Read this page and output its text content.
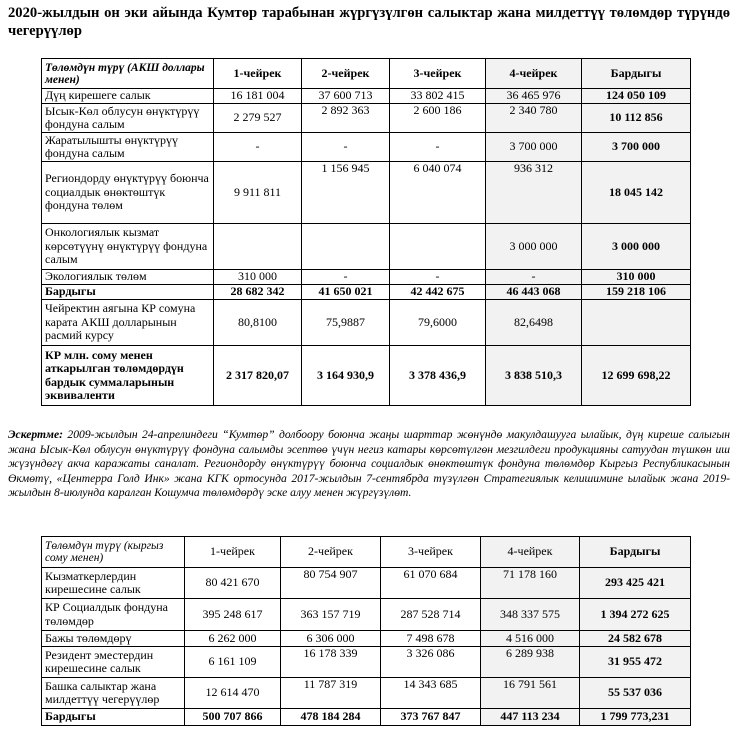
2020-жылдын он эки айында Кумтөр тарабынан жүргүзүлгөн салыктар жана милдеттүү төлөмдөр түрүндө чегерүүлөр
Төлөмдүн түрү (АКШ доллары менен)	1-чейрек	2-чейрек	3-чейрек	4-чейрек	Бардыгы
Дүң кирешеге салык	16 181 004	37 600 713	33 802 415	36 465 976	124 050 109
Ысык-Көл облусун өнүктүрүү фондуна салым	2 279 527	2 892 363	2 600 186	2 340 780	10 112 856
Жаратылышты өнүктүрүү фондуна салым	-	-	-	3 700 000	3 700 000
Региондорду өнүктүрүү боюнча социалдык өнөктөштүк фондуна төлөм	9 911 811	1 156 945	6 040 074	936 312	18 045 142
Онкологиялык кызмат көрсөтүүнү өнүктүрүү фондуна салым				3 000 000	3 000 000
Экологиялык төлөм	310 000	-	-	-	310 000
Бардыгы	28 682 342	41 650 021	42 442 675	46 443 068	159 218 106
Чейректин аягына КР сомуна карата АКШ долларынын расмий курсу	80,8100	75,9887	79,6000	82,6498	
КР млн. сому менен аткарылган төлөмдөрдүн бардык суммаларынын эквиваленти	2 317 820,07	3 164 930,9	3 378 436,9	3 838 510,3	12 699 698,22
Эскертме: 2009-жылдын 24-апрелиндеги “Кумтөр” долбоору боюнча жаңы шарттар жөнүндө макулдашууга ылайык, дүң киреше салыгын жана Ысык-Көл облусун өнүктүрүү фондуна салымды эсептөө үчүн негиз катары көрсөтүлгөн мезгилдеги продукцияны сатуудан түшкөн иш жүзүндөгү акча каражаты саналат. Региондорду өнүктүрүү боюнча социалдык өнөктөштүк фондуна төлөмдөр Кыргыз Республикасынын Өкмөтү, «Центерра Голд Инк» жана КГК ортосунда 2017-жылдын 7-сентябрда түзүлгөн Стратегиялык келишимине ылайык жана 2019-жылдын 8-июлунда каралган Кошумча төлөмдөрдү эске алуу менен жүргүзүлөт.
Төлөмдүн түрү (кыргыз сому менен)	1-чейрек	2-чейрек	3-чейрек	4-чейрек	Бардыгы
Кызматкерлердин кирешесине салык	80 421 670	80 754 907	61 070 684	71 178 160	293 425 421
КР Социалдык фондуна төлөмдөр	395 248 617	363 157 719	287 528 714	348 337 575	1 394 272 625
Бажы төлөмдөрү	6 262 000	6 306 000	7 498 678	4 516 000	24 582 678
Резидент эместердин кирешесине салык	6 161 109	16 178 339	3 326 086	6 289 938	31 955 472
Башка салыктар жана милдеттүү чегерүүлөр	12 614 470	11 787 319	14 343 685	16 791 561	55 537 036
Бардыгы	500 707 866	478 184 284	373 767 847	447 113 234	1 799 773,231
